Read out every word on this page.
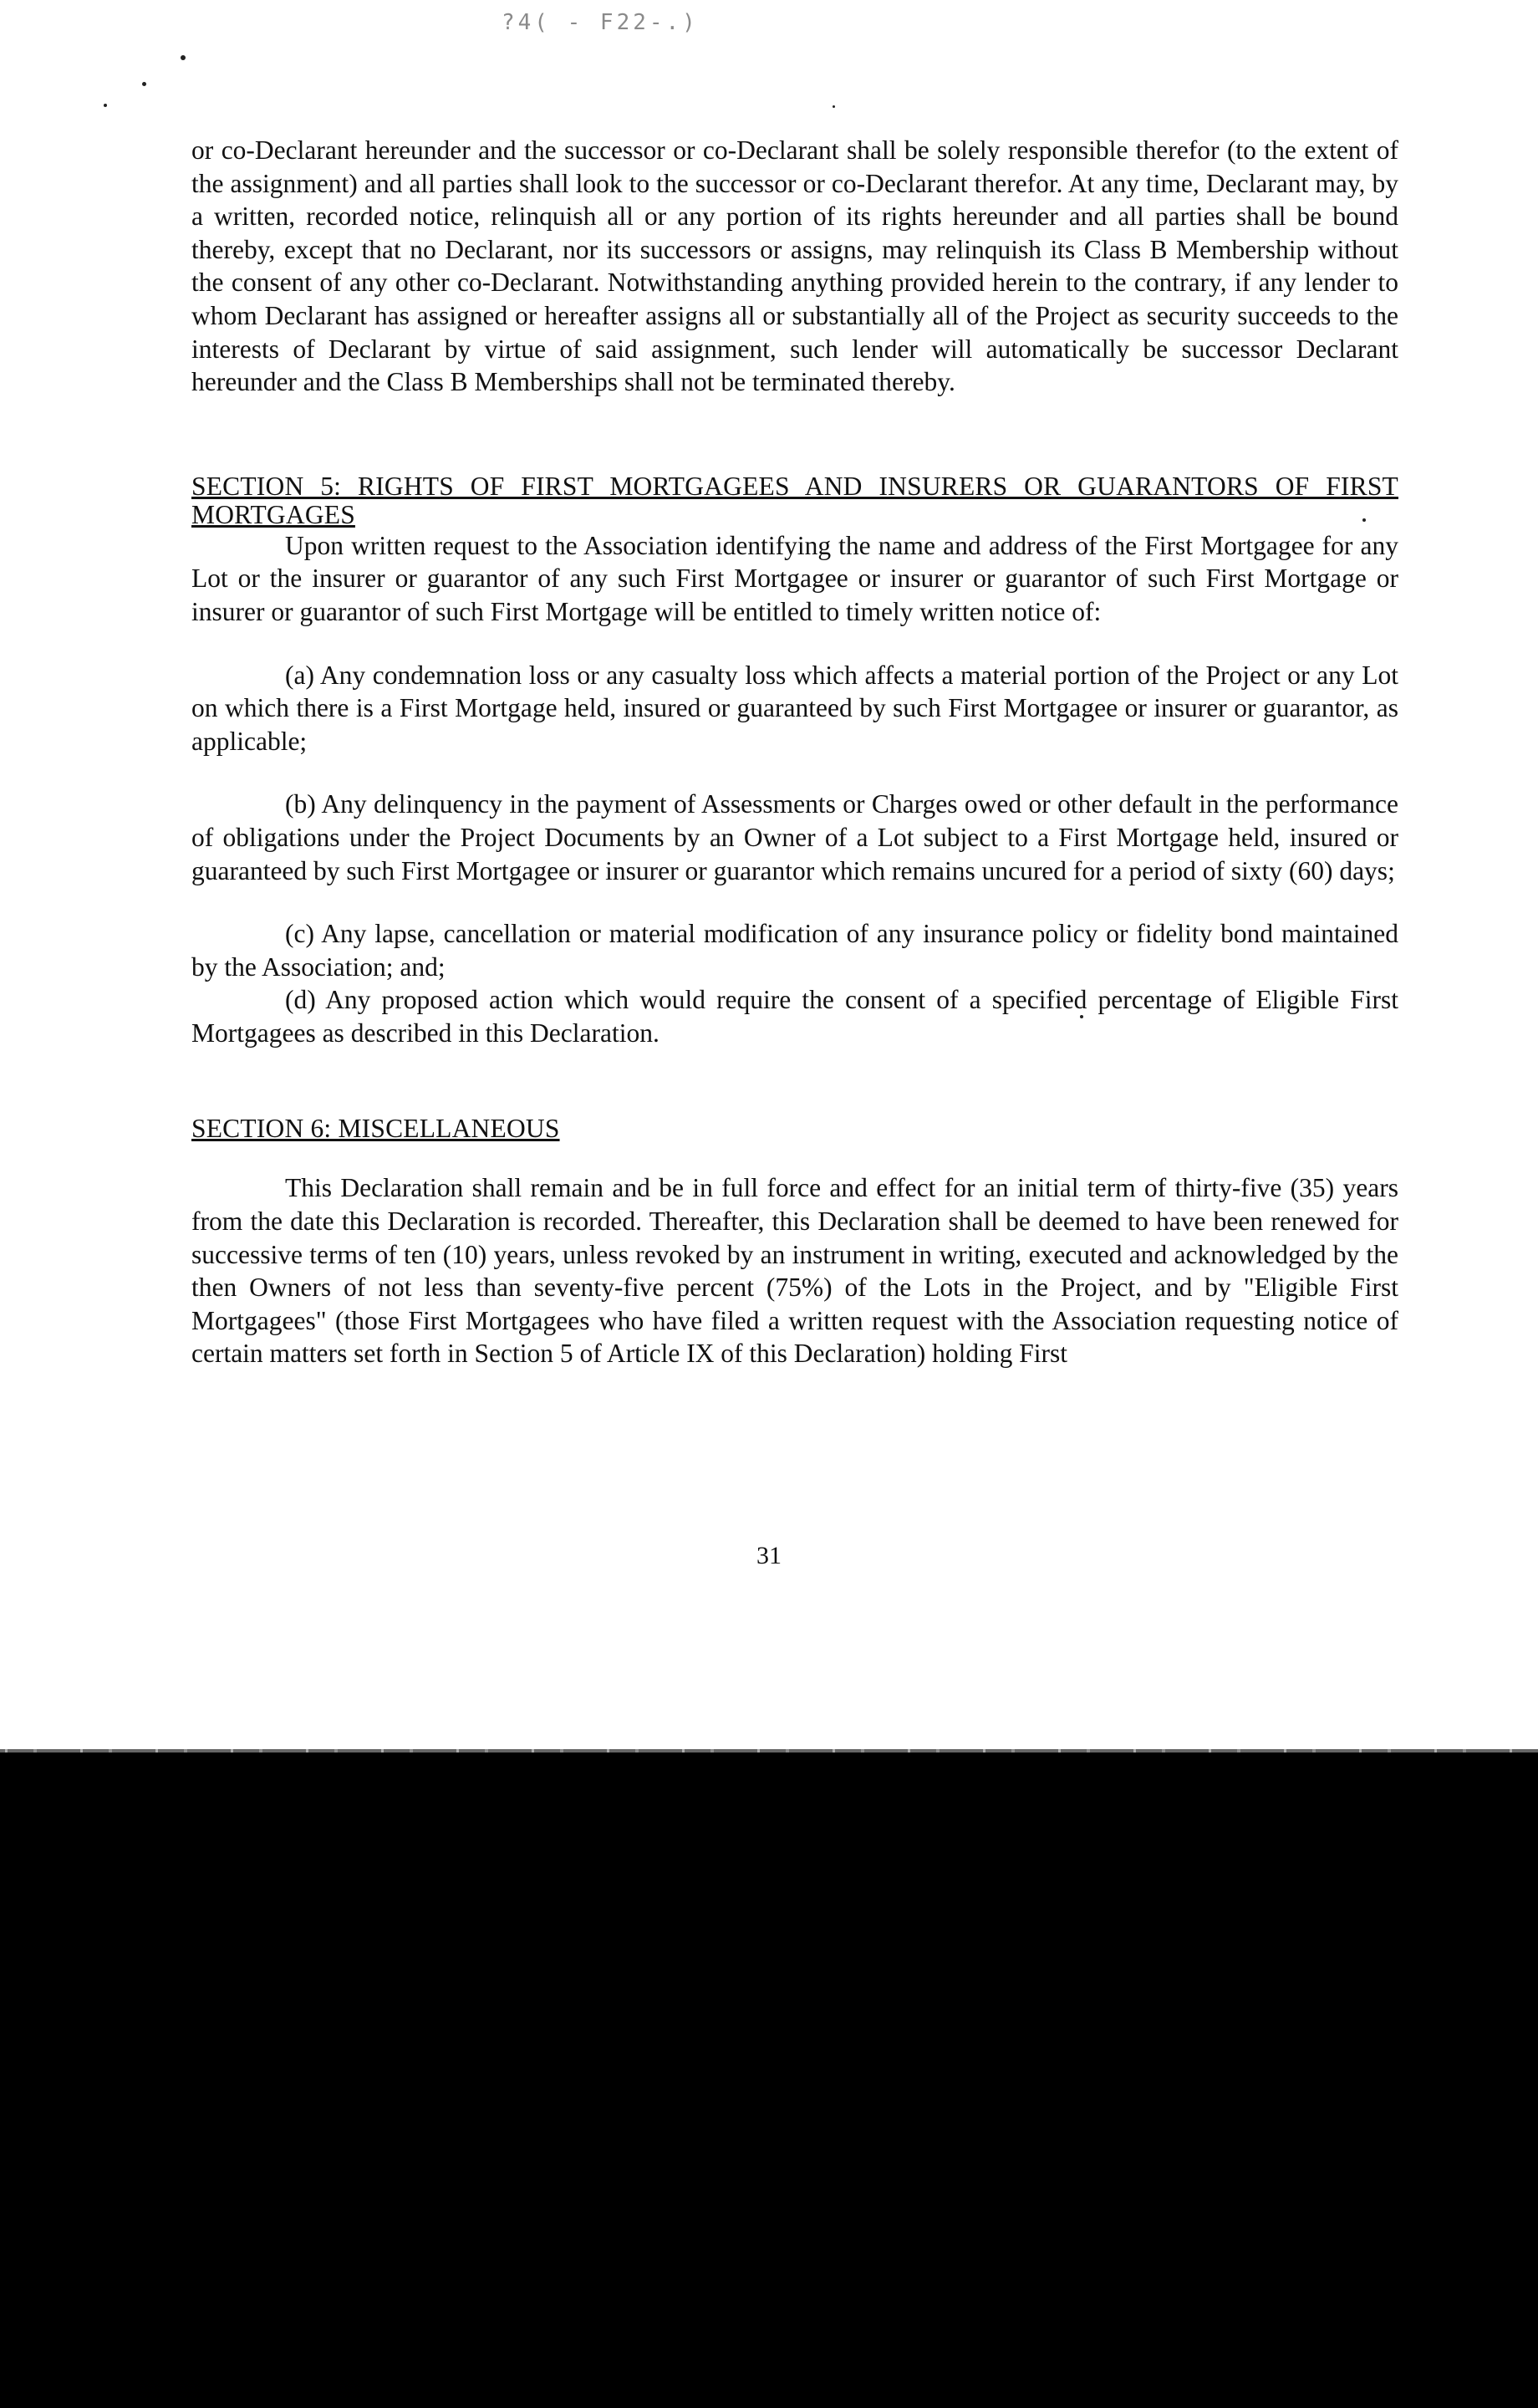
?4( - F22-.)

or co-Declarant hereunder and the successor or co-Declarant shall be solely responsible therefor (to the extent of the assignment) and all parties shall look to the successor or co-Declarant therefor. At any time, Declarant may, by a written, recorded notice, relinquish all or any portion of its rights hereunder and all parties shall be bound thereby, except that no Declarant, nor its successors or assigns, may relinquish its Class B Membership without the consent of any other co-Declarant. Notwithstanding anything provided herein to the contrary, if any lender to whom Declarant has assigned or hereafter assigns all or substantially all of the Project as security succeeds to the interests of Declarant by virtue of said assignment, such lender will automatically be successor Declarant hereunder and the Class B Memberships shall not be terminated thereby.

SECTION 5: RIGHTS OF FIRST MORTGAGEES AND INSURERS OR GUARANTORS OF FIRST MORTGAGES

Upon written request to the Association identifying the name and address of the First Mortgagee for any Lot or the insurer or guarantor of any such First Mortgagee or insurer or guarantor of such First Mortgage or insurer or guarantor of such First Mortgage will be entitled to timely written notice of:

(a) Any condemnation loss or any casualty loss which affects a material portion of the Project or any Lot on which there is a First Mortgage held, insured or guaranteed by such First Mortgagee or insurer or guarantor, as applicable;

(b) Any delinquency in the payment of Assessments or Charges owed or other default in the performance of obligations under the Project Documents by an Owner of a Lot subject to a First Mortgage held, insured or guaranteed by such First Mortgagee or insurer or guarantor which remains uncured for a period of sixty (60) days;

(c) Any lapse, cancellation or material modification of any insurance policy or fidelity bond maintained by the Association; and;

(d) Any proposed action which would require the consent of a specified percentage of Eligible First Mortgagees as described in this Declaration.

SECTION 6: MISCELLANEOUS

This Declaration shall remain and be in full force and effect for an initial term of thirty-five (35) years from the date this Declaration is recorded. Thereafter, this Declaration shall be deemed to have been renewed for successive terms of ten (10) years, unless revoked by an instrument in writing, executed and acknowledged by the then Owners of not less than seventy-five percent (75%) of the Lots in the Project, and by "Eligible First Mortgagees" (those First Mortgagees who have filed a written request with the Association requesting notice of certain matters set forth in Section 5 of Article IX of this Declaration) holding First

31
